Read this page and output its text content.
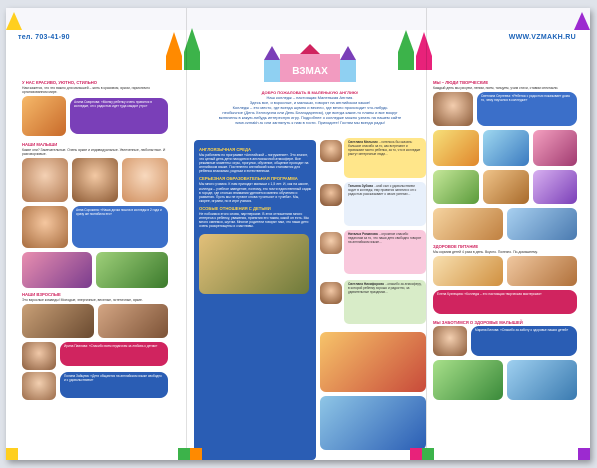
тел. 703-41-90	WWW.VZMAKH.RU
У НАС КРАСИВО, УЮТНО, СТИЛЬНО
Нам кажется, что это важно для малышей – жить в красивом, ярком, гармонично организованном мире.
Алина Смирнова: «Моему ребенку очень нравится в колледже, он с радостью идет туда каждое утро»
НАШИ МАЛЫШИ
Какие они? Замечательные. Очень яркие и индивидуальные. Увлеченные, любопытные. И разговорчивые.
Анна Сорокина: «Наша дочка пошла в колледж в 2 года и сразу же полюбила его»
НАШИ ВЗРОСЛЫЕ
Это взрослые команды! Молодые, энергичные, веселые, эстетичные, яркие.
Ирина Павлова: «Спасибо всем педагогам за любовь к детям»
Полина Зайцева: «Дети общаются на английском языке свободно и с удовольствием»
ВЗМАХ
ДОБРО ПОЖАЛОВАТЬ В МАЛЕНЬКУЮ АНГЛИЮ!
Наш колледж – настоящая Маленькая Англия.
Здесь все, и взрослые, и малыши, говорят на английском языке!
Колледж – это место, где всегда шумно и весело, где вечно происходит что-нибудь
необычное (День Хеллоуина или День Благодарения), где всегда какие-то планы и все вокруг
включены в какую-нибудь интересную игру. Подробнее о колледже можно узнать на нашем сайте
www.vzmakh.ru или заглянуть к нам в гости. Приходите! Гостям мы всегда рады!
АНГЛОЯЗЫЧНАЯ СРЕДА
Мы работаем по программе «Английской – погружение». Это значит, что целый день дети находятся в англоязычной атмосфере. Все режимные моменты: игры, прогулки, обучение, общение проходят на английском языке. Постепенно английский язык становится для ребенка знакомым, родным и естественным.
СЕРЬЕЗНАЯ ОБРАЗОВАТЕЛЬНАЯ ПРОГРАММА
Мы много учимся. К нам приходят малыши с 1,5 лет. И, как на школе, колледж – учебное заведение, поэтому, это почти единственный садик в городе, где столько внимания уделяется именно обучению и развитию. Пусть мы не путают слова «учиться» и «учеба». Мы, скорее, играем, но в игре учимся.
ОСОБЫЕ ОТНОШЕНИЯ С ДЕТЬМИ
Не побоимся этого слова, партнерские. В этих отношениях много интереса к ребенку, уважения, принятия его таким, какой он есть. Мы много смеемся, шутим. Многие родители говорят нам, что наши дети очень раскрепощены и счастливы.
Светлана Мельник ...хотелось бы сказать: большое спасибо за то, как встречают и провожают моего ребенка, за то, что в колледже растут интересные люди...
Татьяна Зубова ...мой сын с удовольствием ходит в колледж, ему нравятся занятия и он с радостью рассказывает о своих успехах...
Наталья Романова ...огромное спасибо педагогам за то, что наши дети свободно говорят на английском языке...
Светлана Никифорова ...спасибо за атмосферу, в которой ребенку хорошо и радостно, за удивительные праздники...
МЫ – ЛЮДИ ТВОРЧЕСКИЕ
Каждый день мы рисуем, лепим, поем, танцуем, учим стихи, ставим спектакли.
Светлана Сергеева: «Ребенок с радостью показывает дома то, чему научился в колледже»
ЗДОРОВОЕ ПИТАНИЕ
Мы кормим детей 4 раза в день. Вкусно. Полезно. По-домашнему.
Елена Кузнецова: «Колледж – это настоящая творческая мастерская»
МЫ ЗАБОТИМСЯ О ЗДОРОВЬЕ МАЛЫШЕЙ
Марина Белова: «Спасибо за заботу о здоровье наших детей»
